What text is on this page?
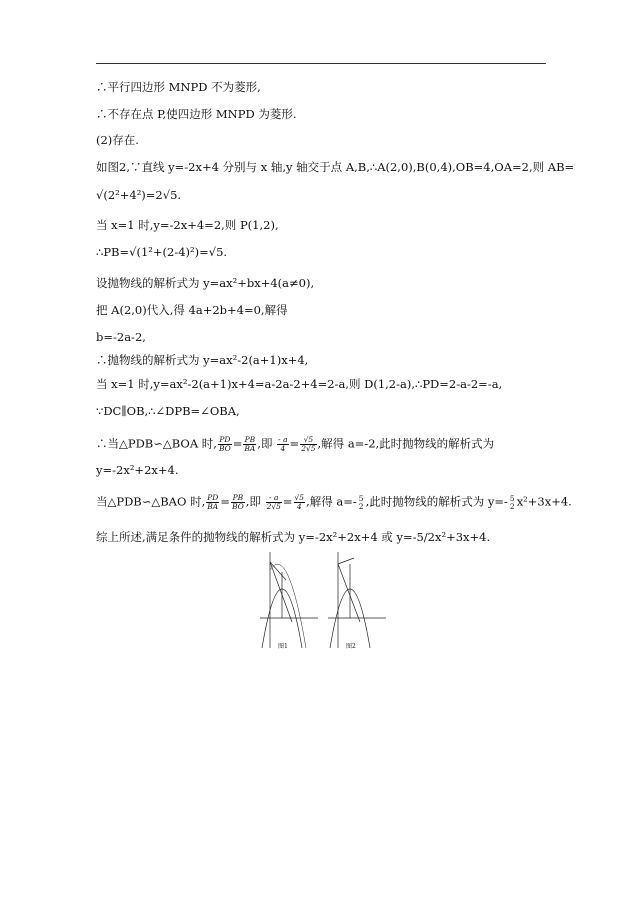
∴平行四边形 MNPD 不为菱形,
∴不存在点 P,使四边形 MNPD 为菱形.
(2)存在.
如图2,∵直线 y=-2x+4 分别与 x 轴,y 轴交于点 A,B,∴A(2,0),B(0,4),OB=4,OA=2,则 AB=
√(2²+4²)=2√5.
当 x=1 时,y=-2x+4=2,则 P(1,2),
∴PB=√(1²+(2-4)²)=√5.
设抛物线的解析式为 y=ax²+bx+4(a≠0),
把 A(2,0)代入,得 4a+2b+4=0,解得
b=-2a-2,
∴抛物线的解析式为 y=ax²-2(a+1)x+4,
当 x=1 时,y=ax²-2(a+1)x+4=a-2a-2+4=2-a,则 D(1,2-a),∴PD=2-a-2=-a,
∵DC∥OB,∴∠DPB=∠OBA,
∴当△PDB∽△BOA 时, $\frac{PD}{BO} = \frac{PB}{BA}$ ,即 $\frac{- a}{4} = \frac{√5}{2√5}$ ,解得 a=-2,此时抛物线的解析式为
y=-2x²+2x+4.
当△PDB∽△BAO 时, $\frac{PD}{BA} = \frac{PB}{BO}$ ,即 $\frac{- a}{2√5} = \frac{√5}{4}$ ,解得 a=- 5
2 ,此时抛物线的解析式为 y=- 5
2 x²+3x+4.
综上所述,满足条件的抛物线的解析式为 y=-2x²+2x+4 或 y=-5/2x²+3x+4.
图1	图2
